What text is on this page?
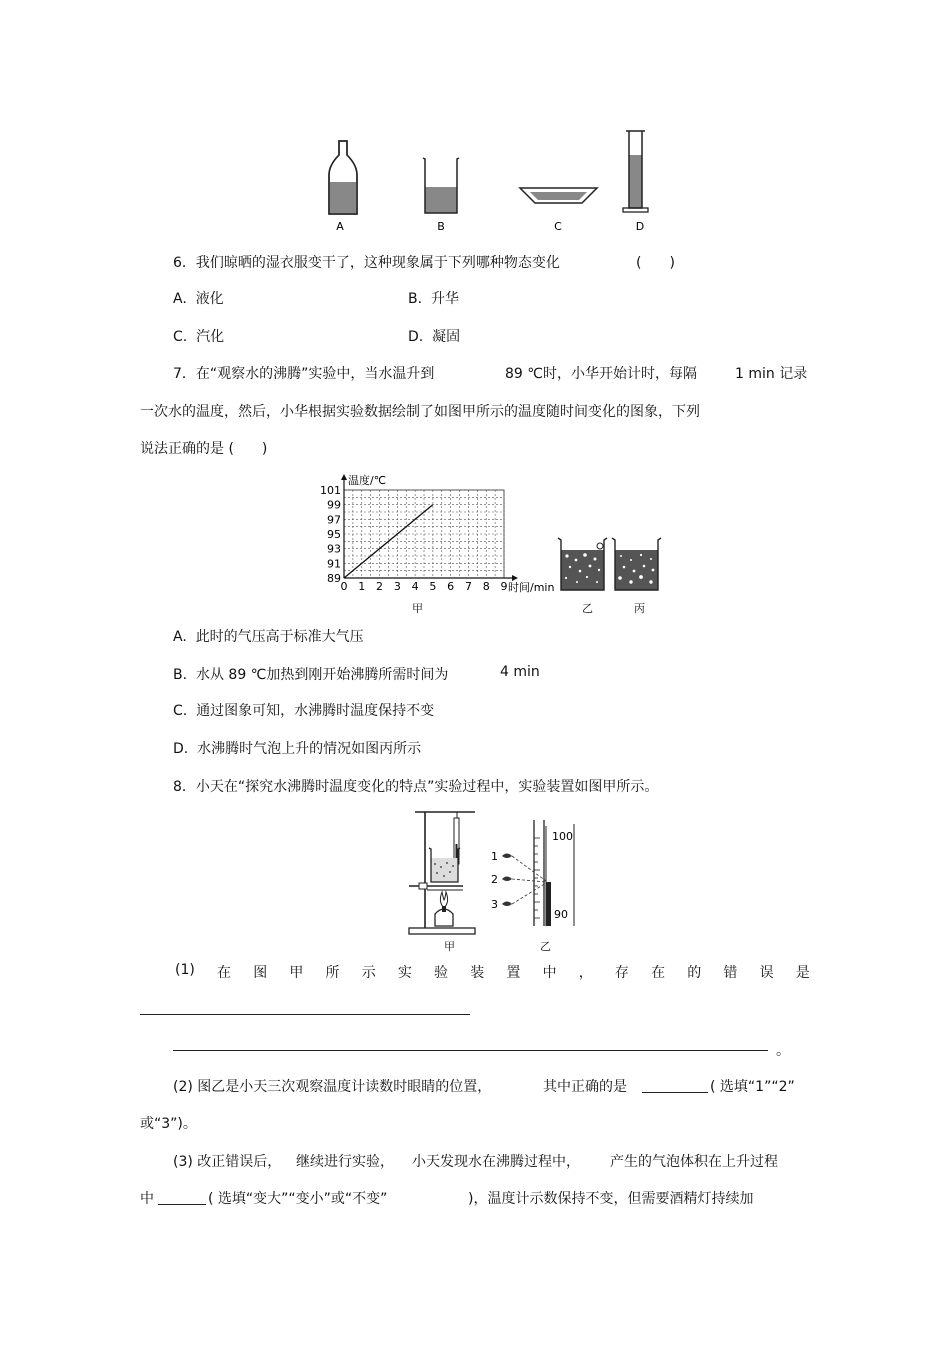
A	B	C	D
6．我们晾晒的湿衣服变干了，这种现象属于下列哪种物态变化	(　　)
A. 液化	B. 升华
C. 汽化	D. 凝固
7．在“观察水的沸腾”实验中，当水温升到	89 ℃时，小华开始计时，每隔	1 min 记录
一次水的温度，然后，小华根据实验数据绘制了如图甲所示的温度随时间变化的图象，下列
说法正确的是 (　　)
0 1 2 3 4 5 6 7 8 9
89
91
93
95
97
99
101
温度/℃
时间/min
甲	乙	丙
A. 此时的气压高于标准大气压
B. 水从 89 ℃加热到刚开始沸腾所需时间为	4 min
C. 通过图象可知，水沸腾时温度保持不变
D. 水沸腾时气泡上升的情况如图丙所示
8．小天在“探究水沸腾时温度变化的特点”实验过程中，实验装置如图甲所示。
甲
100
90
1
2
3
乙
(1) 在 图 甲 所 示 实 验 装 置 中 ， 存 在 的 错 误 是
。
(2) 图乙是小天三次观察温度计读数时眼睛的位置，	其中正确的是	( 选填“1”“2”
或“3”)。
(3) 改正错误后， 继续进行实验， 小天发现水在沸腾过程中， 产生的气泡体积在上升过程
中	( 选填“变大”“变小”或“不变”	)，温度计示数保持不变，但需要酒精灯持续加
